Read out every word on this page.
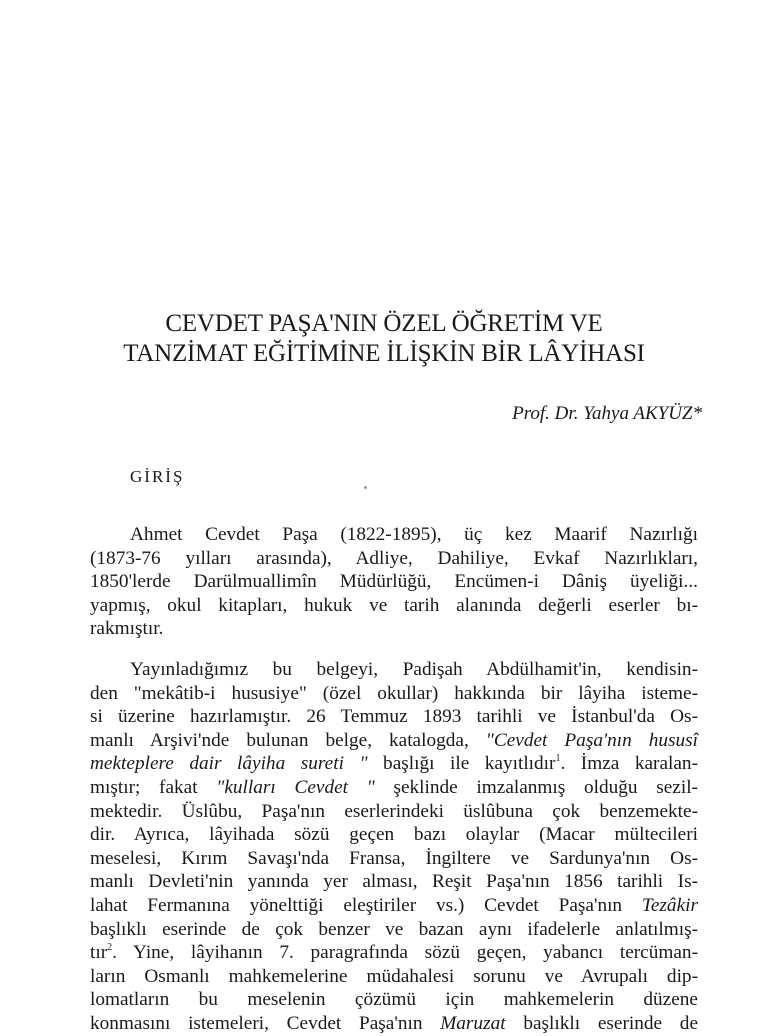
CEVDET PAŞA'NIN ÖZEL ÖĞRETİM VE
TANZİMAT EĞİTİMİNE İLİŞKİN BİR LÂYİHASI
Prof. Dr. Yahya AKYÜZ*
GİRİŞ
Ahmet Cevdet Paşa (1822-1895), üç kez Maarif Nazırlığı
(1873-76 yılları arasında), Adliye, Dahiliye, Evkaf Nazırlıkları,
1850'lerde Darülmuallimîn Müdürlüğü, Encümen-i Dâniş üyeliği...
yapmış, okul kitapları, hukuk ve tarih alanında değerli eserler bı-
rakmıştır.
Yayınladığımız bu belgeyi, Padişah Abdülhamit'in, kendisin-
den "mekâtib-i hususiye" (özel okullar) hakkında bir lâyiha isteme-
si üzerine hazırlamıştır. 26 Temmuz 1893 tarihli ve İstanbul'da Os-
manlı Arşivi'nde bulunan belge, katalogda, "Cevdet Paşa'nın hususî
mekteplere dair lâyiha sureti " başlığı ile kayıtlıdır$^1$. İmza karalan-
mıştır; fakat "kulları Cevdet " şeklinde imzalanmış olduğu sezil-
mektedir. Üslûbu, Paşa'nın eserlerindeki üslûbuna çok benzemekte-
dir. Ayrıca, lâyihada sözü geçen bazı olaylar (Macar mültecileri
meselesi, Kırım Savaşı'nda Fransa, İngiltere ve Sardunya'nın Os-
manlı Devleti'nin yanında yer alması, Reşit Paşa'nın 1856 tarihli Is-
lahat Fermanına yönelttiği eleştiriler vs.) Cevdet Paşa'nın Tezâkir
başlıklı eserinde de çok benzer ve bazan aynı ifadelerle anlatılmış-
tır$^2$. Yine, lâyihanın 7. paragrafında sözü geçen, yabancı tercüman-
ların Osmanlı mahkemelerine müdahalesi sorunu ve Avrupalı dip-
lomatların bu meselenin çözümü için mahkemelerin düzene
konmasını istemeleri, Cevdet Paşa'nın Maruzat başlıklı eserinde de
